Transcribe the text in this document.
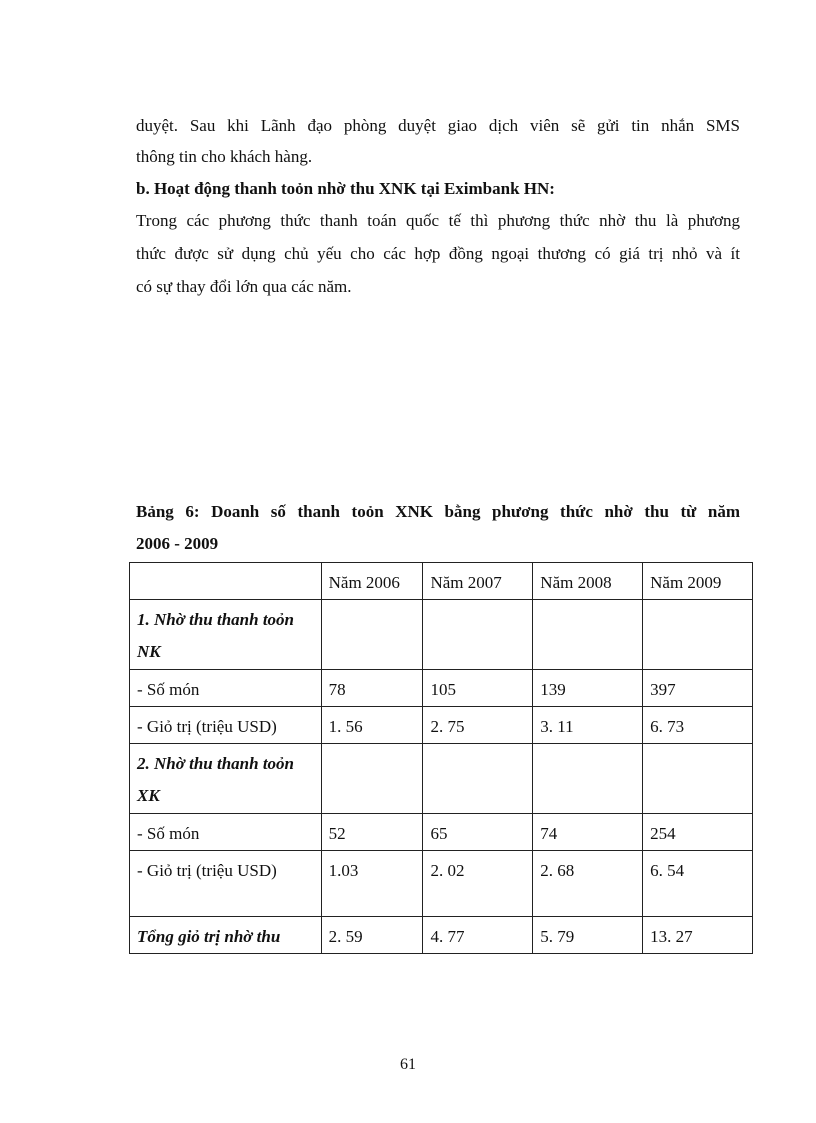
duyệt. Sau khi Lãnh đạo phòng duyệt giao dịch viên sẽ gửi tin nhắn SMS

thông tin cho khách hàng.

b. Hoạt động thanh toỏn nhờ thu XNK tại Eximbank HN:

Trong các phương thức thanh toán quốc tế thì phương thức nhờ thu là phương

thức được sử dụng chủ yếu cho các hợp đồng ngoại thương có giá trị nhỏ và ít

có sự thay đổi lớn qua các năm.

Bảng 6: Doanh số thanh toỏn XNK bằng phương thức nhờ thu từ năm

2006 - 2009

	Năm 2006	Năm 2007	Năm 2008	Năm 2009
1. Nhờ thu thanh toỏn NK				
- Số món	78	105	139	397
- Giỏ trị (triệu USD)	1. 56	2. 75	3. 11	6. 73
2. Nhờ thu thanh toỏn XK				
- Số món	52	65	74	254
- Giỏ trị (triệu USD)	1.03	2. 02	2. 68	6. 54
Tổng giỏ trị nhờ thu	2. 59	4. 77	5. 79	13. 27
61
